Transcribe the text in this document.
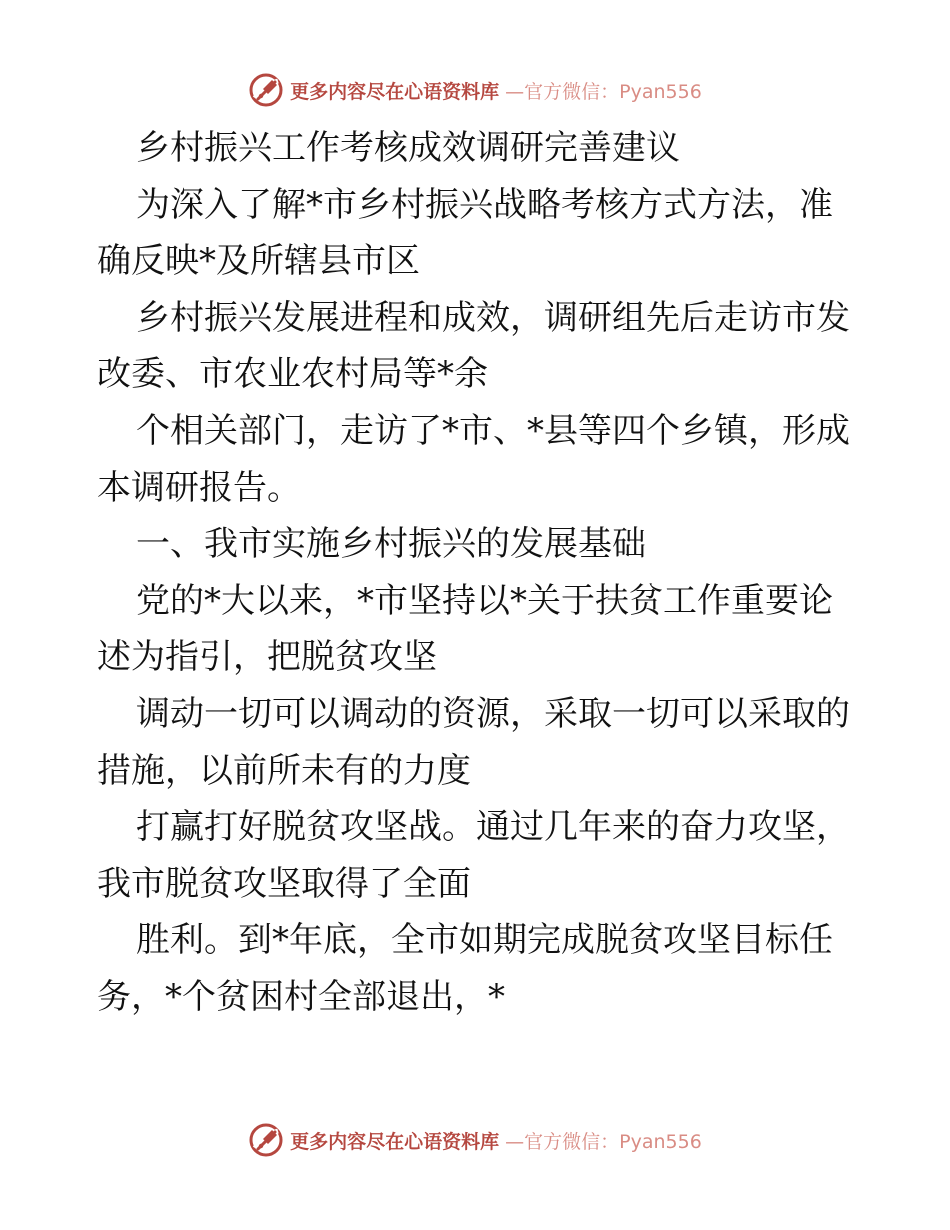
更多内容尽在心语资料库 —官方微信：Pyan556
乡村振兴工作考核成效调研完善建议
为深入了解*市乡村振兴战略考核方式方法，准
确反映*及所辖县市区
乡村振兴发展进程和成效，调研组先后走访市发
改委、市农业农村局等*余
个相关部门，走访了*市、*县等四个乡镇，形成
本调研报告。
一、我市实施乡村振兴的发展基础
党的*大以来，*市坚持以*关于扶贫工作重要论
述为指引，把脱贫攻坚
调动一切可以调动的资源，采取一切可以采取的
措施，以前所未有的力度
打赢打好脱贫攻坚战。通过几年来的奋力攻坚，
我市脱贫攻坚取得了全面
胜利。到*年底，全市如期完成脱贫攻坚目标任
务，*个贫困村全部退出，*
更多内容尽在心语资料库 —官方微信：Pyan556
